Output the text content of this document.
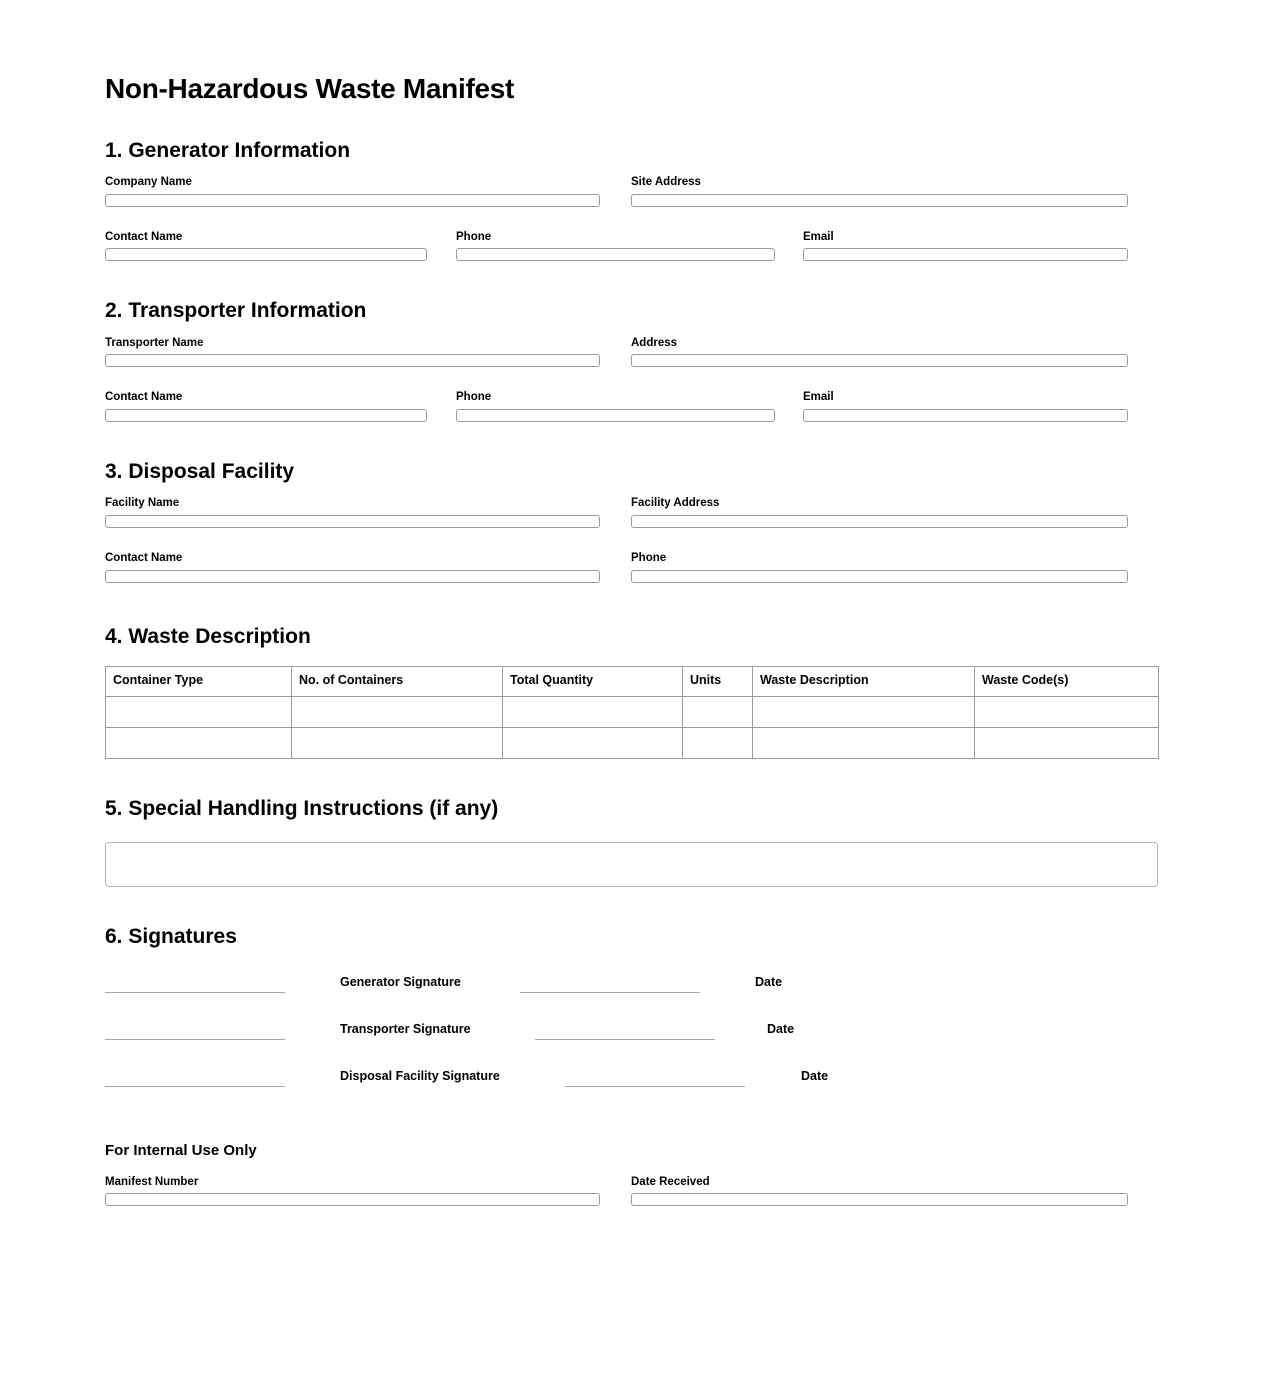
Non-Hazardous Waste Manifest
1. Generator Information
Company Name	Site Address
Contact Name	Phone	Email
2. Transporter Information
Transporter Name	Address
Contact Name	Phone	Email
3. Disposal Facility
Facility Name	Facility Address
Contact Name	Phone
4. Waste Description
Container Type	No. of Containers	Total Quantity	Units	Waste Description	Waste Code(s)

5. Special Handling Instructions (if any)
6. Signatures
Generator Signature	Date
Transporter Signature	Date
Disposal Facility Signature	Date
For Internal Use Only
Manifest Number	Date Received
